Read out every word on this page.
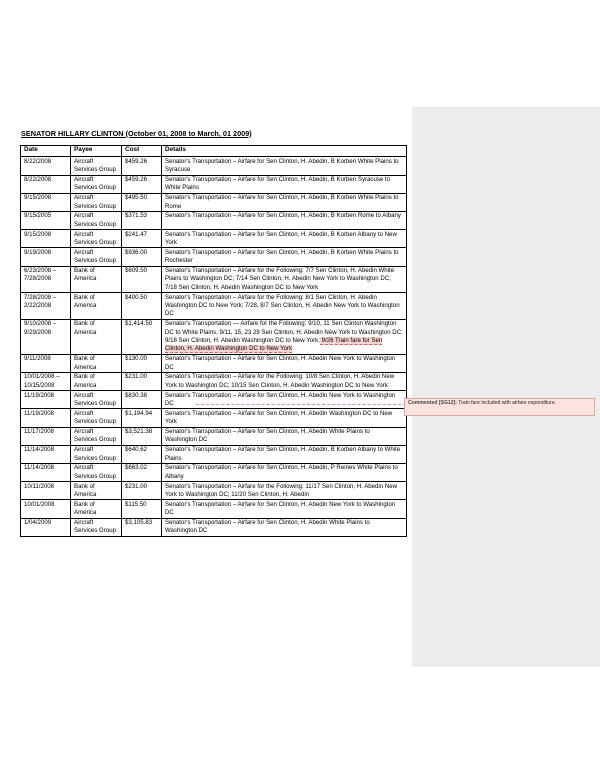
SENATOR HILLARY CLINTON (October 01, 2008 to March, 01 2009)
Date	Payee	Cost	Details
8/22/2008	Aircraft Services Group	$459.26	Senator's Transportation – Airfare for Sen Clinton, H. Abedin, B Korben White Plains to Syracuse
8/22/2008	Aircraft Services Group	$459.26	Senator's Transportation – Airfare for Sen Clinton, H. Abedin, B Korben Syracuse to White Plains
9/15/2008	Aircraft Services Group	$495.50	Senator's Transportation – Airfare for Sen Clinton, H. Abedin, B Korben White Plains to Rome
9/15/2005	Aircraft Services Group	$371.53	Senator's Transportation – Airfare for Sen Clinton, H. Abedin, B Korben Rome to Albany
9/15/2008	Aircraft Services Group	$241.47	Senator's Transportation – Airfare for Sen Clinton, H. Abedin, B Korben Albany to New York
9/19/2008	Aircraft Services Group	$936.00	Senator's Transportation – Airfare for Sen Clinton, H. Abedin, B Korben White Plains to Rochester
6/23/2008 – 7/28/2008	Bank of America	$609.50	Senator's Transportation – Airfare for the Following: 7/7 Sen Clinton, H. Abedin White Plains to Washington DC; 7/14 Sen Clinton, H. Abedin New York to Washington DC; 7/18 Sen Clinton, H. Abedin Washington DC to New York
7/28/2008 – 2/22/2008	Bank of America	$400.50	Senator's Transportation – Airfare for the Following: 8/1 Sen Clinton, H. Abedin Washington DC to New York; 7/28, 8/7 Sen Clinton, H. Abedin New York to Washington DC
9/10/2008 – 9/29/2008	Bank of America	$1,414.50	Senator's Transportation — Airfare for the Following: 9/10, 11 Sen Clinton Washington DC to White Plains, 9/11, 15, 23 29 Sen Clinton, H. Abedin New York to Washington DC; 9/18 Sen Clinton, H. Abedin Washington DC to New York; 9/26 Train fare for Sen Clinton, H. Abedin Washington DC to New York
9/11/2008	Bank of America	$130.00	Senator's Transportation – Airfare for Sen Clinton, H. Abedin New York to Washington DC
10/01/2008 – 10/15/2008	Bank of America	$231.00	Senator's Transportation – Airfare for the Following: 10/8 Sen Clinton, H. Abedin New York to Washington DC; 10/15 Sen Clinton, H. Abedin Washington DC to New York
11/19/2008	Aircraft Services Group	$830.38	Senator's Transportation – Airfare for Sen Clinton, H. Abedin New York to Washington DC
11/19/2008	Aircraft Services Group	$1,194.94	Senator's Transportation – Airfare for Sen Clinton, H. Abedin Washington DC to New York
11/17/2008	Aircraft Services Group	$3,521.38	Senator's Transportation – Airfare for Sen Clinton, H. Abedin White Plains to Washington DC
11/14/2008	Aircraft Services Group	$640.62	Senator's Transportation – Airfare for Sen Clinton, H. Abedin, B Korben Albany to White Plains
11/14/2008	Aircraft Services Group	$663.02	Senator's Transportation – Airfare for Sen Clinton, H. Abedin, P Reines White Plains to Albany
10/11/2008	Bank of America	$231.00	Senator's Transportation – Airfare for the Following: 11/17 Sen Clinton, H. Abedin New York to Washington DC; 11/20 Sen Clinton, H. Abedin
10/01/2008	Bank of America	$115.50	Senator's Transportation – Airfare for Sen Clinton, H. Abedin New York to Washington DC
1/04/2009	Aircraft Services Group	$3,105.83	Senator's Transportation – Airfare for Sen Clinton, H. Abedin White Plains to Washington DC
Commented [SG12]: Train fare included with airfare expenditure.
